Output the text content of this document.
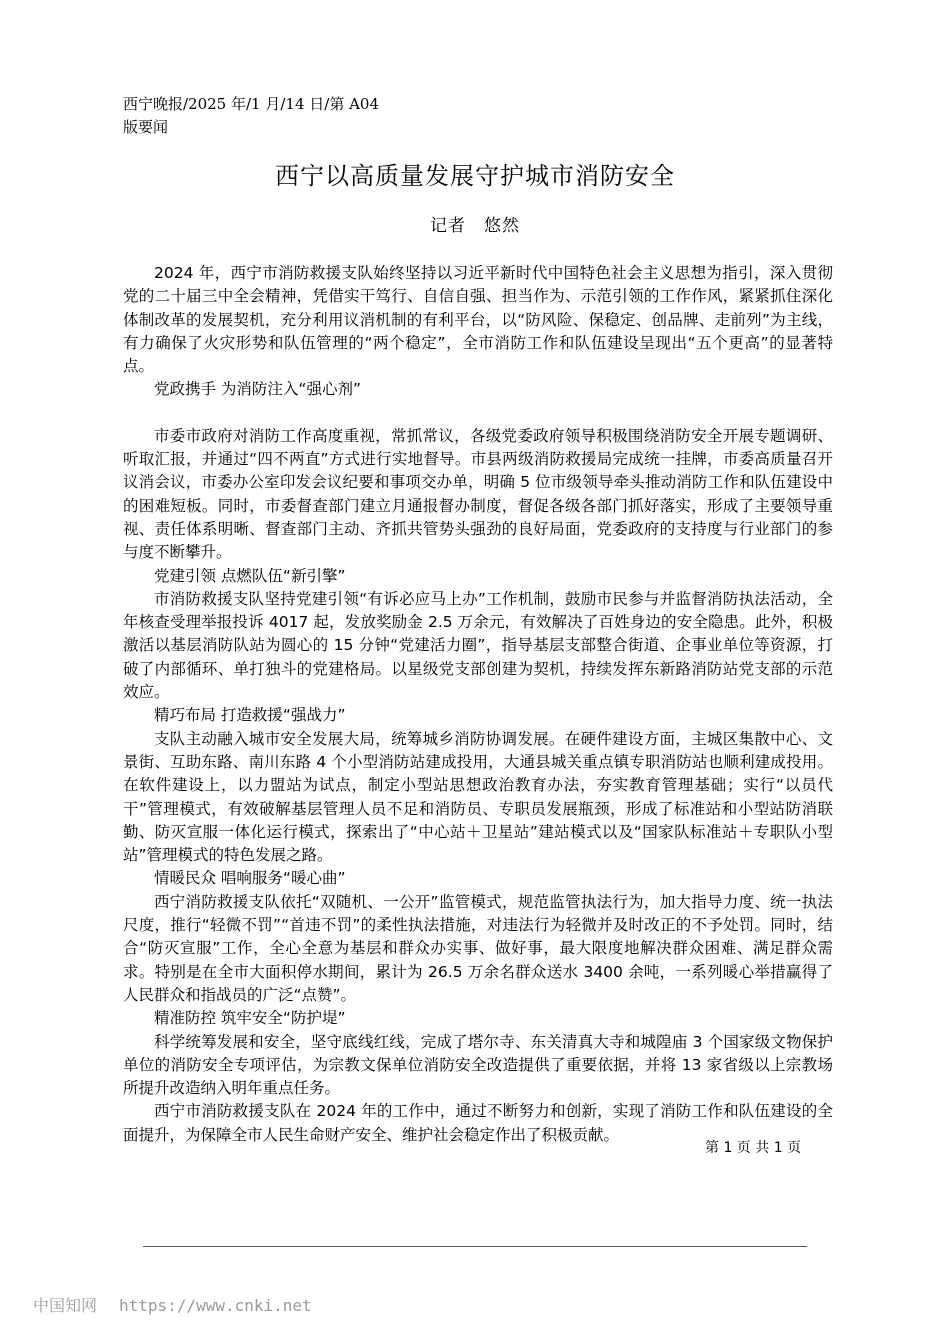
西宁晚报/2025 年/1 月/14 日/第 A04
版要闻
西宁以高质量发展守护城市消防安全
记者　悠然

2024 年，西宁市消防救援支队始终坚持以习近平新时代中国特色社会主义思想为指引，深入贯彻党的二十届三中全会精神，凭借实干笃行、自信自强、担当作为、示范引领的工作作风，紧紧抓住深化体制改革的发展契机，充分利用议消机制的有利平台，以“防风险、保稳定、创品牌、走前列”为主线，有力确保了火灾形势和队伍管理的“两个稳定”，全市消防工作和队伍建设呈现出“五个更高”的显著特点。

党政携手 为消防注入“强心剂”

市委市政府对消防工作高度重视，常抓常议，各级党委政府领导积极围绕消防安全开展专题调研、听取汇报，并通过“四不两直”方式进行实地督导。市县两级消防救援局完成统一挂牌，市委高质量召开议消会议，市委办公室印发会议纪要和事项交办单，明确 5 位市级领导牵头推动消防工作和队伍建设中的困难短板。同时，市委督查部门建立月通报督办制度，督促各级各部门抓好落实，形成了主要领导重视、责任体系明晰、督查部门主动、齐抓共管势头强劲的良好局面，党委政府的支持度与行业部门的参与度不断攀升。

党建引领 点燃队伍“新引擎”

市消防救援支队坚持党建引领“有诉必应马上办”工作机制，鼓励市民参与并监督消防执法活动，全年核查受理举报投诉 4017 起，发放奖励金 2.5 万余元，有效解决了百姓身边的安全隐患。此外，积极激活以基层消防队站为圆心的 15 分钟“党建活力圈”，指导基层支部整合街道、企事业单位等资源，打破了内部循环、单打独斗的党建格局。以星级党支部创建为契机，持续发挥东新路消防站党支部的示范效应。

精巧布局 打造救援“强战力”

支队主动融入城市安全发展大局，统筹城乡消防协调发展。在硬件建设方面，主城区集散中心、文景街、互助东路、南川东路 4 个小型消防站建成投用，大通县城关重点镇专职消防站也顺利建成投用。在软件建设上，以力盟站为试点，制定小型站思想政治教育办法，夯实教育管理基础；实行“以员代干”管理模式，有效破解基层管理人员不足和消防员、专职员发展瓶颈，形成了标准站和小型站防消联勤、防灭宣服一体化运行模式，探索出了“中心站＋卫星站”建站模式以及“国家队标准站＋专职队小型站”管理模式的特色发展之路。

情暖民众 唱响服务“暖心曲”

西宁消防救援支队依托“双随机、一公开”监管模式，规范监管执法行为，加大指导力度、统一执法尺度，推行“轻微不罚”“首违不罚”的柔性执法措施，对违法行为轻微并及时改正的不予处罚。同时，结合“防灭宣服”工作，全心全意为基层和群众办实事、做好事，最大限度地解决群众困难、满足群众需求。特别是在全市大面积停水期间，累计为 26.5 万余名群众送水 3400 余吨，一系列暖心举措赢得了人民群众和指战员的广泛“点赞”。

精准防控 筑牢安全“防护堤”

科学统筹发展和安全，坚守底线红线，完成了塔尔寺、东关清真大寺和城隍庙 3 个国家级文物保护单位的消防安全专项评估，为宗教文保单位消防安全改造提供了重要依据，并将 13 家省级以上宗教场所提升改造纳入明年重点任务。

西宁市消防救援支队在 2024 年的工作中，通过不断努力和创新，实现了消防工作和队伍建设的全面提升，为保障全市人民生命财产安全、维护社会稳定作出了积极贡献。

第 1 页 共 1 页
中国知网 https://www.cnki.net
